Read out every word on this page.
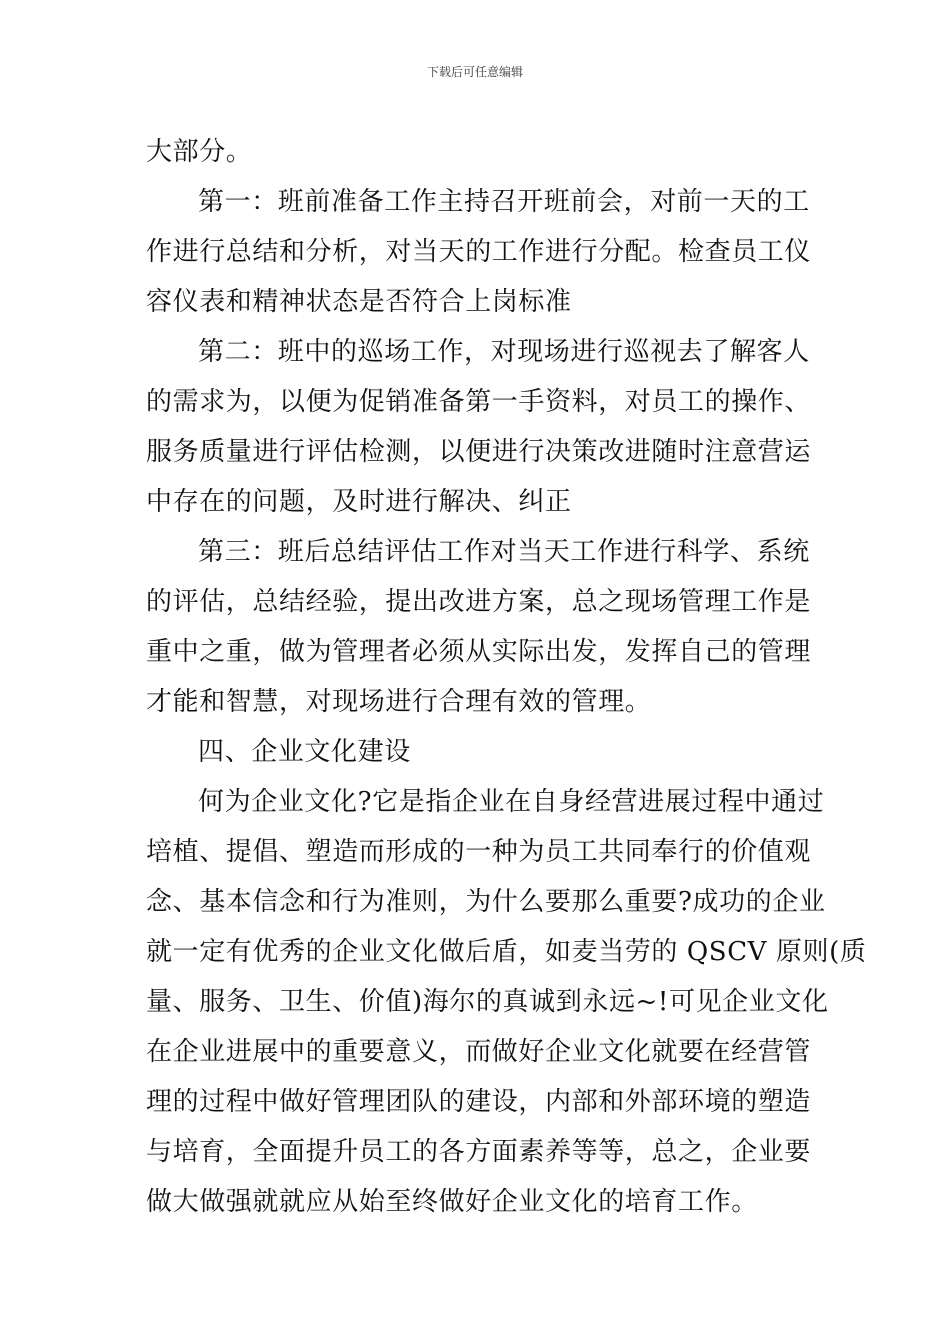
下载后可任意编辑
大部分。
第一：班前准备工作主持召开班前会，对前一天的工
作进行总结和分析，对当天的工作进行分配。检查员工仪
容仪表和精神状态是否符合上岗标准
第二：班中的巡场工作，对现场进行巡视去了解客人
的需求为，以便为促销准备第一手资料，对员工的操作、
服务质量进行评估检测，以便进行决策改进随时注意营运
中存在的问题，及时进行解决、纠正
第三：班后总结评估工作对当天工作进行科学、系统
的评估，总结经验，提出改进方案，总之现场管理工作是
重中之重，做为管理者必须从实际出发，发挥自己的管理
才能和智慧，对现场进行合理有效的管理。
四、企业文化建设
何为企业文化?它是指企业在自身经营进展过程中通过
培植、提倡、塑造而形成的一种为员工共同奉行的价值观
念、基本信念和行为准则，为什么要那么重要?成功的企业
就一定有优秀的企业文化做后盾，如麦当劳的 QSCV 原则(质
量、服务、卫生、价值)海尔的真诚到永远~!可见企业文化
在企业进展中的重要意义，而做好企业文化就要在经营管
理的过程中做好管理团队的建设，内部和外部环境的塑造
与培育，全面提升员工的各方面素养等等，总之，企业要
做大做强就就应从始至终做好企业文化的培育工作。
